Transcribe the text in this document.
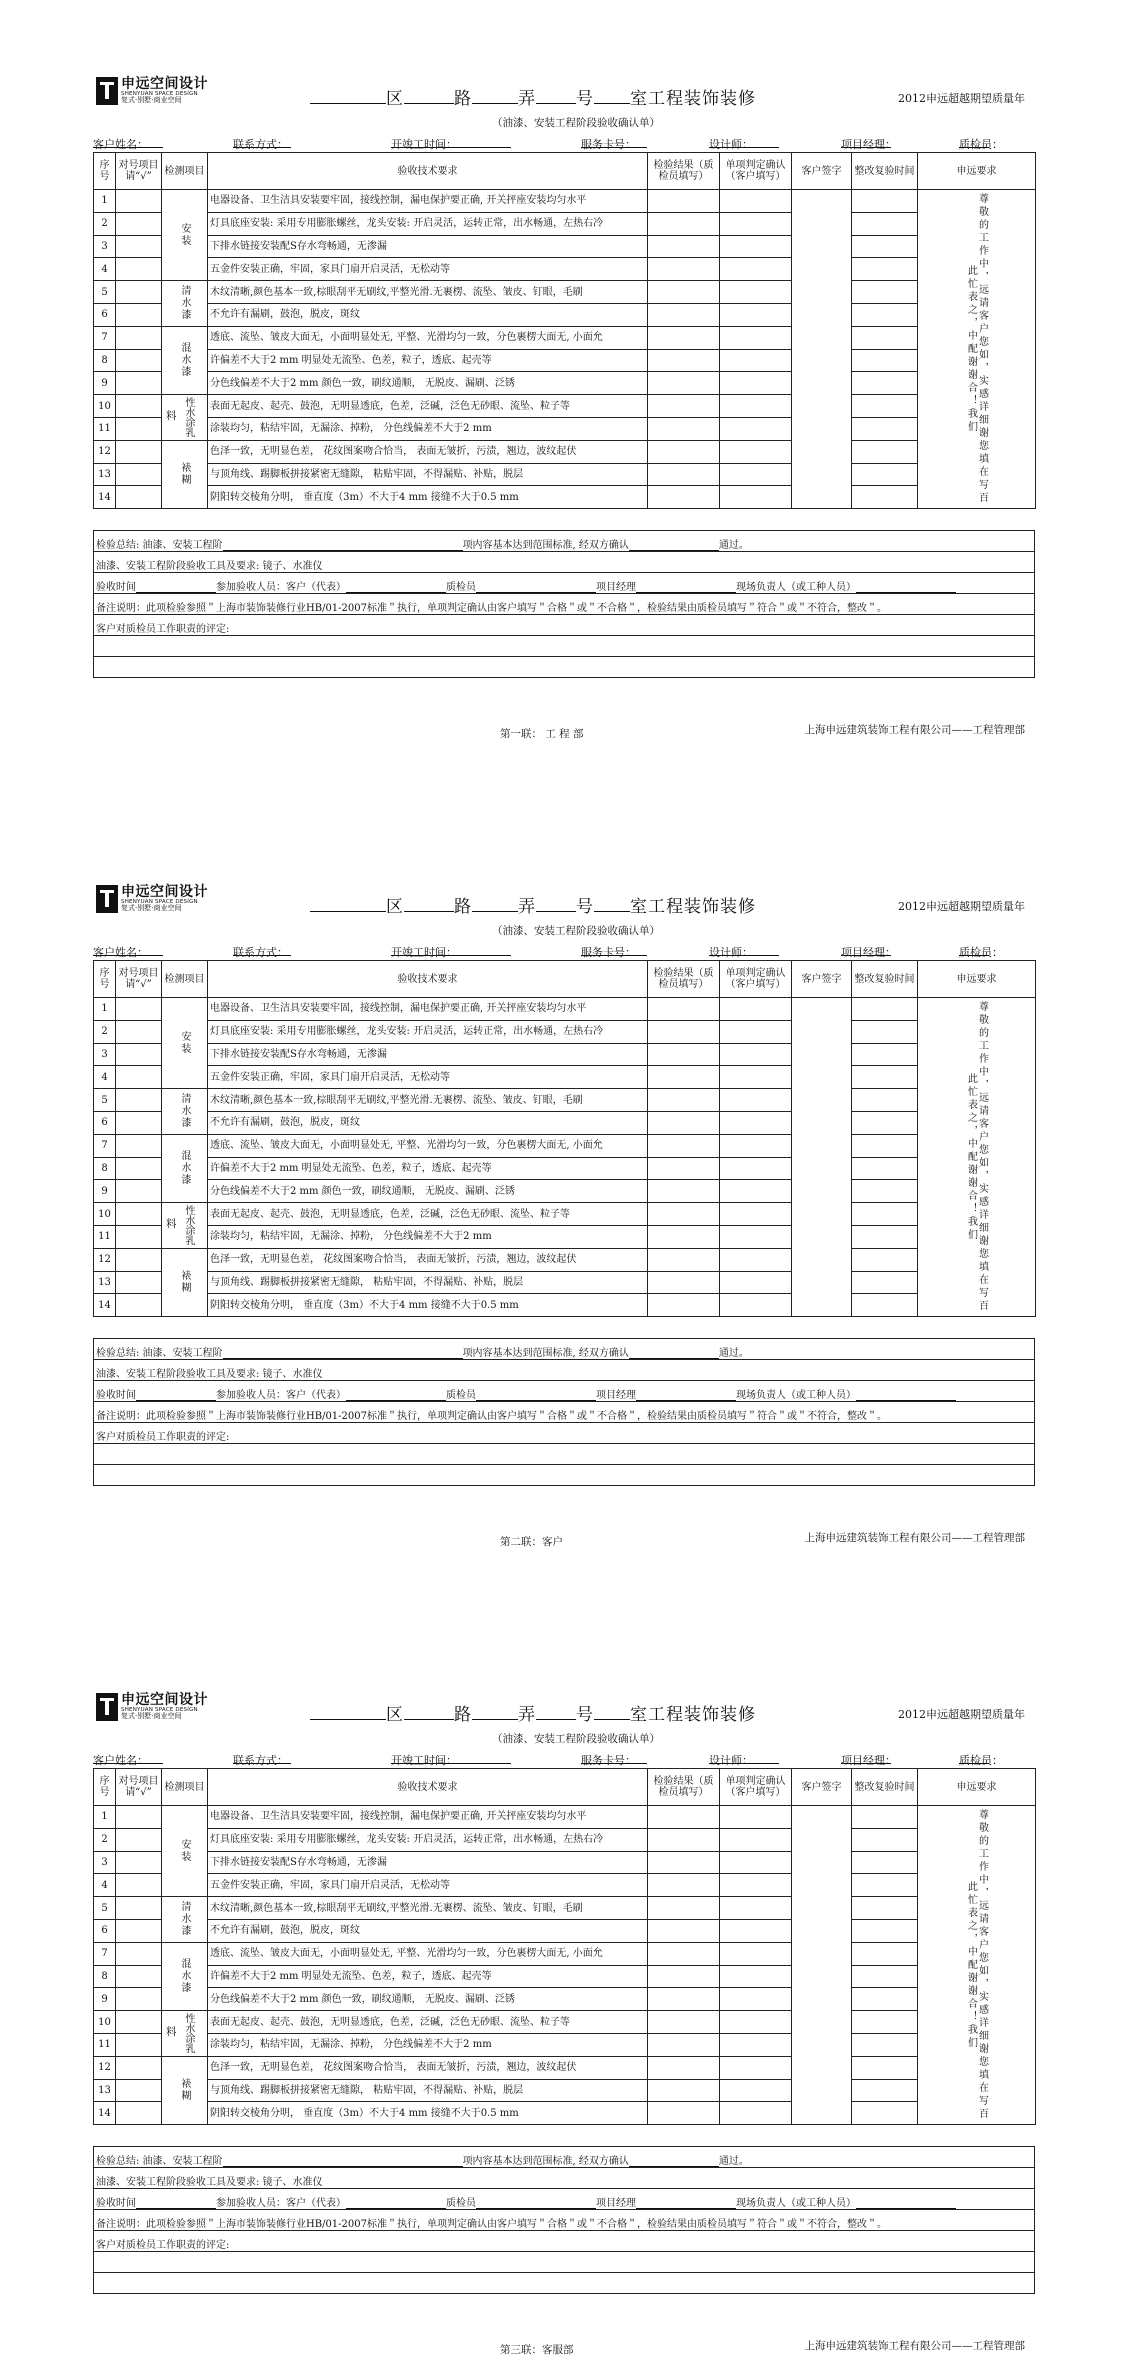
申远空间设计
SHENYUAN SPACE DESIGN
复式·别墅·商业空间	区	路	弄 号 室工程装饰装修	2012申远超越期望质量年
（油漆、安装工程阶段验收确认单）
客户姓名：	联系方式：	开竣工时间：	服务卡号：	设计师：	项目经理：	质检员：
序号	对号项目请“√”	检测项目	验收技术要求	检验结果（质检员填写）	单项判定确认（客户填写）	客户签字	整改复验时间	申远要求
1		安装	电器设备、卫生洁具安装要牢固，接线控制，漏电保护要正确, 开关抨座安装均匀水平					尊敬的工作中，远请客户您如，实感详细谢您填在写百此忙表之，中配谢谢合！我们
2			灯具底座安装: 采用专用膨胀螺丝，龙头安装: 开启灵活，运转正常，出水畅通，左热右冷					
3			下排水链接安装配S存水弯畅通，无渗漏					
4			五金件安装正确，牢固，家具门扇开启灵活，无松动等					
5		清水漆	木纹清晰,颜色基本一致,棕眼刮平无刷纹,平整光滑.无裹楞、流坠、皱皮、钉眼，毛刷					
6			不允许有漏刷，鼓泡，脱皮，斑纹					
7		混水漆	透底、流坠、皱皮大面无，小面明显处无, 平整、光滑均匀一致，分色裹楞大面无, 小面允					
8			许偏差不大于2 mm 明显处无流坠、色差，粒子，透底、起壳等					
9			分色线偏差不大于2 mm 颜色一致，刷纹通顺， 无脱皮、漏刷、泛锈					
10		料 性水涂乳	表面无起皮、起壳、鼓泡，无明显透底，色差，泛碱，泛色无砂眼、流坠、粒子等					
11			涂装均匀，粘结牢固，无漏涂、掉粉， 分色线偏差不大于2 mm					
12		裱糊	色泽一致，无明显色差， 花纹图案吻合恰当， 表面无皱折，污渍，翘边，波纹起伏					
13			与顶角线、踢脚板拼接紧密无缝隙， 粘贴牢固，不得漏贴、补贴，脱层					
14			阴阳转交棱角分明， 垂直度（3m）不大于4 mm 接缝不大于0.5 mm					
检验总结: 油漆、安装工程阶	项内容基本达到范围标准, 经双方确认	通过。
油漆、安装工程阶段验收工具及要求: 镜子、水准仪
验收时间	参加验收人员：客户（代表）	质检员	项目经理	现场负责人（或工种人员）
备注说明：此项检验参照＂上海市装饰装修行业HB/01-2007标准＂执行，单项判定确认由客户填写＂合格＂或＂不合格＂，检验结果由质检员填写＂符合＂或＂不符合，整改＂。
客户对质检员工作职责的评定:
第一联： 工 程 部	上海申远建筑装饰工程有限公司——工程管理部
申远空间设计
SHENYUAN SPACE DESIGN
复式·别墅·商业空间	区	路	弄 号 室工程装饰装修	2012申远超越期望质量年
（油漆、安装工程阶段验收确认单）
客户姓名：	联系方式：	开竣工时间：	服务卡号：	设计师：	项目经理：	质检员：
序号	对号项目请“√”	检测项目	验收技术要求	检验结果（质检员填写）	单项判定确认（客户填写）	客户签字	整改复验时间	申远要求
1		安装	电器设备、卫生洁具安装要牢固，接线控制，漏电保护要正确, 开关抨座安装均匀水平					尊敬的工作中，远请客户您如，实感详细谢您填在写百此忙表之，中配谢谢合！我们
2			灯具底座安装: 采用专用膨胀螺丝，龙头安装: 开启灵活，运转正常，出水畅通，左热右冷					
3			下排水链接安装配S存水弯畅通，无渗漏					
4			五金件安装正确，牢固，家具门扇开启灵活，无松动等					
5		清水漆	木纹清晰,颜色基本一致,棕眼刮平无刷纹,平整光滑.无裹楞、流坠、皱皮、钉眼，毛刷					
6			不允许有漏刷，鼓泡，脱皮，斑纹					
7		混水漆	透底、流坠、皱皮大面无，小面明显处无, 平整、光滑均匀一致，分色裹楞大面无, 小面允					
8			许偏差不大于2 mm 明显处无流坠、色差，粒子，透底、起壳等					
9			分色线偏差不大于2 mm 颜色一致，刷纹通顺， 无脱皮、漏刷、泛锈					
10		料 性水涂乳	表面无起皮、起壳、鼓泡，无明显透底，色差，泛碱，泛色无砂眼、流坠、粒子等					
11			涂装均匀，粘结牢固，无漏涂、掉粉， 分色线偏差不大于2 mm					
12		裱糊	色泽一致，无明显色差， 花纹图案吻合恰当， 表面无皱折，污渍，翘边，波纹起伏					
13			与顶角线、踢脚板拼接紧密无缝隙， 粘贴牢固，不得漏贴、补贴，脱层					
14			阴阳转交棱角分明， 垂直度（3m）不大于4 mm 接缝不大于0.5 mm					
检验总结: 油漆、安装工程阶	项内容基本达到范围标准, 经双方确认	通过。
油漆、安装工程阶段验收工具及要求: 镜子、水准仪
验收时间	参加验收人员：客户（代表）	质检员	项目经理	现场负责人（或工种人员）
备注说明：此项检验参照＂上海市装饰装修行业HB/01-2007标准＂执行，单项判定确认由客户填写＂合格＂或＂不合格＂，检验结果由质检员填写＂符合＂或＂不符合，整改＂。
客户对质检员工作职责的评定:
第二联：客户	上海申远建筑装饰工程有限公司——工程管理部
申远空间设计
SHENYUAN SPACE DESIGN
复式·别墅·商业空间	区	路	弄 号 室工程装饰装修	2012申远超越期望质量年
（油漆、安装工程阶段验收确认单）
客户姓名：	联系方式：	开竣工时间：	服务卡号：	设计师：	项目经理：	质检员：
序号	对号项目请“√”	检测项目	验收技术要求	检验结果（质检员填写）	单项判定确认（客户填写）	客户签字	整改复验时间	申远要求
1		安装	电器设备、卫生洁具安装要牢固，接线控制，漏电保护要正确, 开关抨座安装均匀水平					尊敬的工作中，远请客户您如，实感详细谢您填在写百此忙表之，中配谢谢合！我们
2			灯具底座安装: 采用专用膨胀螺丝，龙头安装: 开启灵活，运转正常，出水畅通，左热右冷					
3			下排水链接安装配S存水弯畅通，无渗漏					
4			五金件安装正确，牢固，家具门扇开启灵活，无松动等					
5		清水漆	木纹清晰,颜色基本一致,棕眼刮平无刷纹,平整光滑.无裹楞、流坠、皱皮、钉眼，毛刷					
6			不允许有漏刷，鼓泡，脱皮，斑纹					
7		混水漆	透底、流坠、皱皮大面无，小面明显处无, 平整、光滑均匀一致，分色裹楞大面无, 小面允					
8			许偏差不大于2 mm 明显处无流坠、色差，粒子，透底、起壳等					
9			分色线偏差不大于2 mm 颜色一致，刷纹通顺， 无脱皮、漏刷、泛锈					
10		料 性水涂乳	表面无起皮、起壳、鼓泡，无明显透底，色差，泛碱，泛色无砂眼、流坠、粒子等					
11			涂装均匀，粘结牢固，无漏涂、掉粉， 分色线偏差不大于2 mm					
12		裱糊	色泽一致，无明显色差， 花纹图案吻合恰当， 表面无皱折，污渍，翘边，波纹起伏					
13			与顶角线、踢脚板拼接紧密无缝隙， 粘贴牢固，不得漏贴、补贴，脱层					
14			阴阳转交棱角分明， 垂直度（3m）不大于4 mm 接缝不大于0.5 mm					
检验总结: 油漆、安装工程阶	项内容基本达到范围标准, 经双方确认	通过。
油漆、安装工程阶段验收工具及要求: 镜子、水准仪
验收时间	参加验收人员：客户（代表）	质检员	项目经理	现场负责人（或工种人员）
备注说明：此项检验参照＂上海市装饰装修行业HB/01-2007标准＂执行，单项判定确认由客户填写＂合格＂或＂不合格＂，检验结果由质检员填写＂符合＂或＂不符合，整改＂。
客户对质检员工作职责的评定:
第三联：客服部	上海申远建筑装饰工程有限公司——工程管理部
